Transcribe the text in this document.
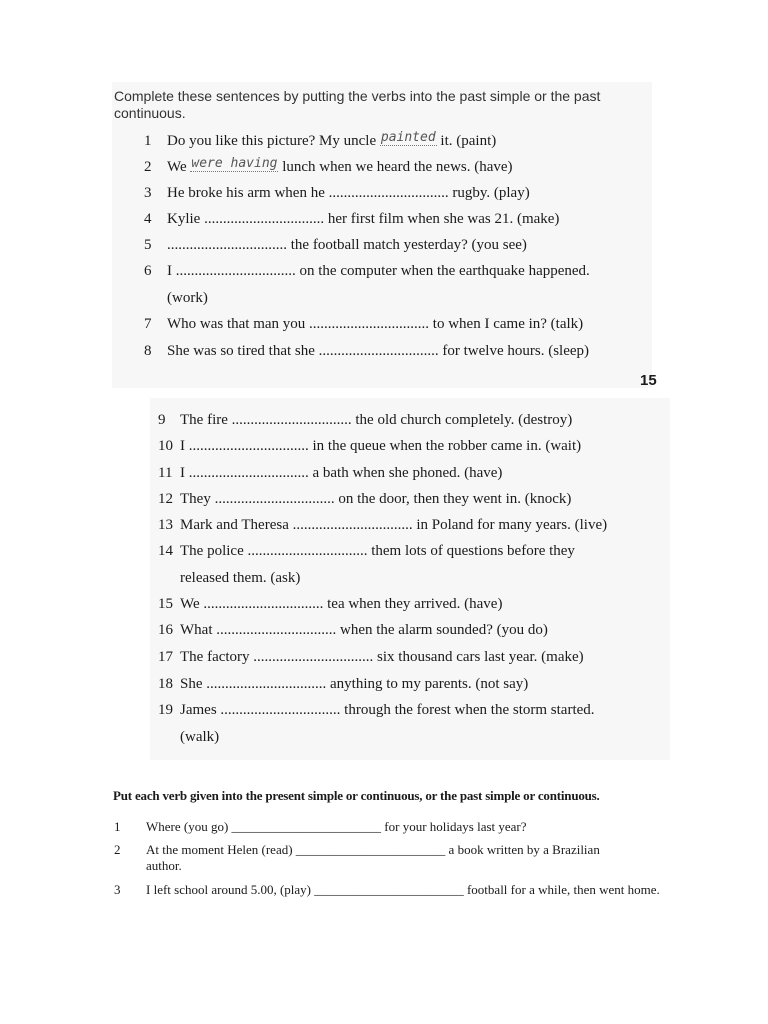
Complete these sentences by putting the verbs into the past simple or the past continuous.
1 Do you like this picture? My uncle painted it. (paint)
2 We were having lunch when we heard the news. (have)
3 He broke his arm when he ................................ rugby. (play)
4 Kylie ................................ her first film when she was 21. (make)
5 ................................ the football match yesterday? (you see)
6 I ................................ on the computer when the earthquake happened.
(work)
7 Who was that man you ................................ to when I came in? (talk)
8 She was so tired that she ................................ for twelve hours. (sleep)
15
9 The fire ................................ the old church completely. (destroy)
10 I ................................ in the queue when the robber came in. (wait)
11 I ................................ a bath when she phoned. (have)
12 They ................................ on the door, then they went in. (knock)
13 Mark and Theresa ................................ in Poland for many years. (live)
14 The police ................................ them lots of questions before they
released them. (ask)
15 We ................................ tea when they arrived. (have)
16 What ................................ when the alarm sounded? (you do)
17 The factory ................................ six thousand cars last year. (make)
18 She ................................ anything to my parents. (not say)
19 James ................................ through the forest when the storm started.
(walk)
Put each verb given into the present simple or continuous, or the past simple or continuous.
1 Where (you go) _______________________ for your holidays last year?
2 At the moment Helen (read) _______________________ a book written by a Brazilian author.
3 I left school around 5.00, (play) _______________________ football for a while, then went home.
